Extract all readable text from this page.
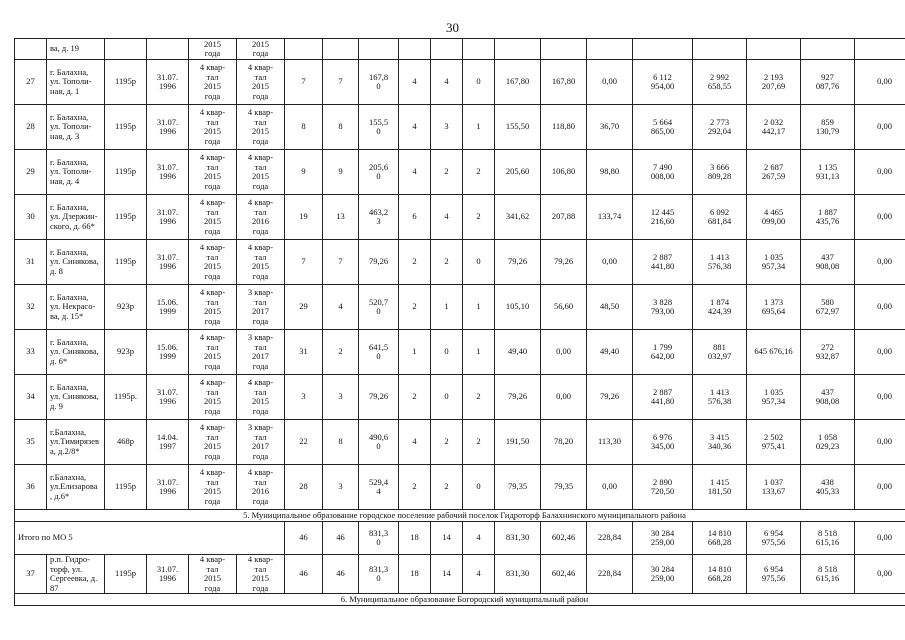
30
	ва, д. 19			2015
года	2015
года														
27	г. Балахна,
ул. Тополи-
ная, д. 1	1195р	31.07.
1996	4 квар-
тал
2015
года	4 квар-
тал
2015
года	7	7	167,8
0	4	4	0	167,80	167,80	0,00	6 112
954,00	2 992
658,55	2 193
207,69	927
087,76	0,00
28	г. Балахна,
ул. Тополи-
ная, д. 3	1195р	31.07.
1996	4 квар-
тал
2015
года	4 квар-
тал
2015
года	8	8	155,5
0	4	3	1	155,50	118,80	36,70	5 664
865,00	2 773
292,04	2 032
442,17	859
130,79	0,00
29	г. Балахна,
ул. Тополи-
ная, д. 4	1195р	31.07.
1996	4 квар-
тал
2015
года	4 квар-
тал
2015
года	9	9	205,6
0	4	2	2	205,60	106,80	98,80	7 490
008,00	3 666
809,28	2 687
267,59	1 135
931,13	0,00
30	г. Балахна,
ул. Дзержин-
ского, д. 66*	1195р	31.07.
1996	4 квар-
тал
2015
года	4 квар-
тал
2016
года	19	13	463,2
3	6	4	2	341,62	207,88	133,74	12 445
216,60	6 092
681,84	4 465
099,00	1 887
435,76	0,00
31	г. Балахна,
ул. Синякова,
д. 8	1195р	31.07.
1996	4 квар-
тал
2015
года	4 квар-
тал
2015
года	7	7	79,26	2	2	0	79,26	79,26	0,00	2 887
441,80	1 413
576,38	1 035
957,34	437
908,08	0,00
32	г. Балахна,
ул. Некрасо-
ва, д. 15*	923р	15.06.
1999	4 квар-
тал
2015
года	3 квар-
тал
2017
года	29	4	520,7
0	2	1	1	105,10	56,60	48,50	3 828
793,00	1 874
424,39	1 373
695,64	580
672,97	0,00
33	г. Балахна,
ул. Синякова,
д. 6*	923р	15.06.
1999	4 квар-
тал
2015
года	3 квар-
тал
2017
года	31	2	641,5
0	1	0	1	49,40	0,00	49,40	1 799
642,00	881
032,97	645 676,16	272
932,87	0,00
34	г. Балахна,
ул. Синякова,
д. 9	1195р.	31.07.
1996	4 квар-
тал
2015
года	4 квар-
тал
2015
года	3	3	79,26	2	0	2	79,26	0,00	79,26	2 887
441,80	1 413
576,38	1 035
957,34	437
908,08	0,00
35	г.Балахна,
ул.Тимирязев
а, д.2/8*	468р	14.04.
1997	4 квар-
тал
2015
года	3 квар-
тал
2017
года	22	8	490,6
0	4	2	2	191,50	78,20	113,30	6 976
345,00	3 415
340,36	2 502
975,41	1 058
029,23	0,00
36	г.Балахна,
ул.Елизарова
, д.6*	1195р	31.07.
1996	4 квар-
тал
2015
года	4 квар-
тал
2016
года	28	3	529,4
4	2	2	0	79,35	79,35	0,00	2 890
720,50	1 415
181,50	1 037
133,67	438
405,33	0,00
5. Муниципальное образование городское поселение рабочий поселок Гидроторф Балахнинского муниципального района																			
Итого по МО 5						46	46	831,3
0	18	14	4	831,30	602,46	228,84	30 284
259,00	14 810
668,28	6 954
975,56	8 518
615,16	0,00
37	р.п. Гидро-
торф, ул.
Сергеевка, д.
87	1195р	31.07.
1996	4 квар-
тал
2015
года	4 квар-
тал
2015
года	46	46	831,3
0	18	14	4	831,30	602,46	228,84	30 284
259,00	14 810
668,28	6 954
975,56	8 518
615,16	0,00
6. Муниципальное образование Богородский муниципальный район																			
